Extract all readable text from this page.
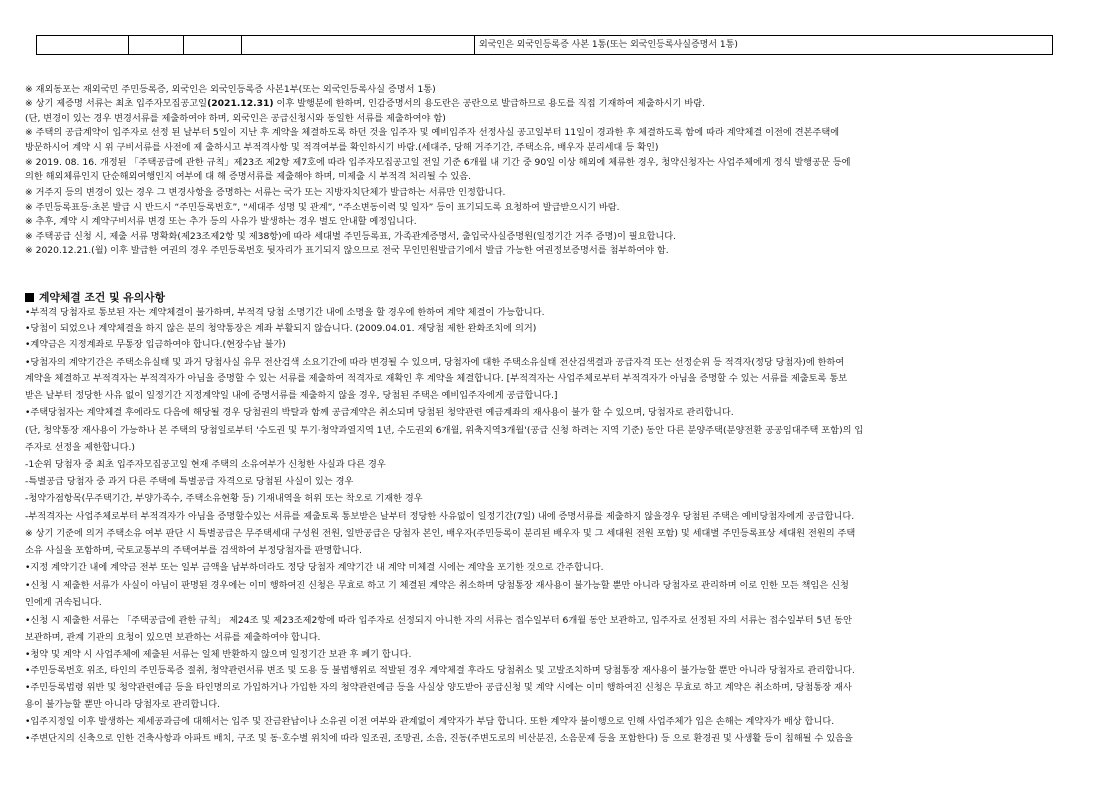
				외국인은 외국인등록증 사본 1통(또는 외국인등록사실증명서 1통)
※ 재외동포는 재외국민 주민등록증, 외국인은 외국인등록증 사본1부(또는 외국인등록사실 증명서 1통)
※ 상기 제증명 서류는 최초 입주자모집공고일(2021.12.31) 이후 발행분에 한하며, 인감증명서의 용도란은 공란으로 발급하므로 용도를 직접 기재하여 제출하시기 바람.
(단, 변경이 있는 경우 변경서류를 제출하여야 하며, 외국인은 공급신청시와 동일한 서류를 제출하여야 함)
※ 주택의 공급계약이 입주자로 선정 된 날부터 5일이 지난 후 계약을 체결하도록 하던 것을 입주자 및 예비입주자 선정사실 공고일부터 11일이 경과한 후 체결하도록 함에 따라 계약체결 이전에 견본주택에
방문하시어 계약 시 위 구비서류를 사전에 제 출하시고 부적격사항 및 적격여부를 확인하시기 바람.(세대주, 당해 거주기간, 주택소유, 배우자 분리세대 등 확인)
※ 2019. 08. 16. 개정된 「주택공급에 관한 규칙」제23조 제2항 제7호에 따라 입주자모집공고일 전일 기준 6개월 내 기간 중 90일 이상 해외에 체류한 경우, 청약신청자는 사업주체에게 정식 발행공문 등에
의한 해외체류인지 단순해외여행인지 여부에 대 해 증명서류를 제출해야 하며, 미제출 시 부적격 처리될 수 있음.
※ 거주지 등의 변경이 있는 경우 그 변경사항을 증명하는 서류는 국가 또는 지방자치단체가 발급하는 서류만 인정합니다.
※ 주민등록표등·초본 발급 시 반드시 “주민등록번호”, “세대주 성명 및 관계”, “주소변동이력 및 일자” 등이 표기되도록 요청하여 발급받으시기 바람.
※ 추후, 계약 시 계약구비서류 변경 또는 추가 등의 사유가 발생하는 경우 별도 안내할 예정입니다.
※ 주택공급 신청 시, 제출 서류 명확화(제23조제2항 및 제38항)에 따라 세대별 주민등록표, 가족관계증명서, 출입국사실증명원(일정기간 거주 증명)이 필요합니다.
※ 2020.12.21.(월) 이후 발급한 여권의 경우 주민등록번호 뒷자리가 표기되지 않으므로 전국 무인민원발급기에서 발급 가능한 여권정보증명서를 첨부하여야 함.
계약체결 조건 및 유의사항
•부적격 당첨자로 통보된 자는 계약체결이 불가하며, 부적격 당첨 소명기간 내에 소명을 할 경우에 한하여 계약 체결이 가능합니다.
•당첨이 되었으나 계약체결을 하지 않은 분의 청약통장은 계좌 부활되지 않습니다. (2009.04.01. 재당첨 제한 완화조치에 의거)
•계약금은 지정계좌로 무통장 입금하여야 합니다.(현장수납 불가)
•당첨자의 계약기간은 주택소유실태 및 과거 당첨사실 유무 전산검색 소요기간에 따라 변경될 수 있으며, 당첨자에 대한 주택소유실태 전산검색결과 공급자격 또는 선정순위 등 적격자(정당 당첨자)에 한하여
계약을 체결하고 부적격자는 부적격자가 아님을 증명할 수 있는 서류를 제출하여 적격자로 재확인 후 계약을 체결합니다. [부적격자는 사업주체로부터 부적격자가 아님을 증명할 수 있는 서류를 제출토록 통보
받은 날부터 정당한 사유 없이 일정기간 지정계약일 내에 증명서류를 제출하지 않을 경우, 당첨된 주택은 예비입주자에게 공급합니다.]
•주택당첨자는 계약체결 후에라도 다음에 해당될 경우 당첨권의 박탈과 함께 공급계약은 취소되며 당첨된 청약관련 예금계좌의 재사용이 불가 할 수 있으며, 당첨자로 관리합니다.
(단, 청약통장 재사용이 가능하나 본 주택의 당첨일로부터 '수도권 및 투기·청약과열지역 1년, 수도권외 6개월, 위축지역3개월'(공급 신청 하려는 지역 기준) 동안 다른 분양주택(분양전환 공공임대주택 포함)의 입
주자로 선정을 제한합니다.)
-1순위 당첨자 중 최초 입주자모집공고일 현재 주택의 소유여부가 신청한 사실과 다른 경우
-특별공급 당첨자 중 과거 다른 주택에 특별공급 자격으로 당첨된 사실이 있는 경우
-청약가점항목(무주택기간, 부양가족수, 주택소유현황 등) 기재내역을 허위 또는 착오로 기재한 경우
-부적격자는 사업주체로부터 부적격자가 아님을 증명할수있는 서류를 제출토록 통보받은 날부터 정당한 사유없이 일정기간(7일) 내에 증명서류를 제출하지 않을경우 당첨된 주택은 예비당첨자에게 공급합니다.
※ 상기 기준에 의거 주택소유 여부 판단 시 특별공급은 무주택세대 구성원 전원, 일반공급은 당첨자 본인, 배우자(주민등록이 분리된 배우자 및 그 세대원 전원 포함) 및 세대별 주민등록표상 세대원 전원의 주택
소유 사실을 포함하며, 국토교통부의 주택여부를 검색하여 부정당첨자를 판명합니다.
•지정 계약기간 내에 계약금 전부 또는 일부 금액을 납부하더라도 정당 당첨자 계약기간 내 계약 미체결 시에는 계약을 포기한 것으로 간주합니다.
•신청 시 제출한 서류가 사실이 아님이 판명된 경우에는 이미 행하여진 신청은 무효로 하고 기 체결된 계약은 취소하며 당첨통장 재사용이 불가능할 뿐만 아니라 당첨자로 관리하며 이로 인한 모든 책임은 신청
인에게 귀속됩니다.
•신청 시 제출한 서류는 「주택공급에 관한 규칙」 제24조 및 제23조제2항에 따라 입주자로 선정되지 아니한 자의 서류는 접수일부터 6개월 동안 보관하고, 입주자로 선정된 자의 서류는 접수일부터 5년 동안
보관하며, 관계 기관의 요청이 있으면 보관하는 서류를 제출하여야 합니다.
•청약 및 계약 시 사업주체에 제출된 서류는 일체 반환하지 않으며 일정기간 보관 후 폐기 합니다.
•주민등록번호 위조, 타인의 주민등록증 절취, 청약관련서류 변조 및 도용 등 불법행위로 적발된 경우 계약체결 후라도 당첨취소 및 고발조치하며 당첨통장 재사용이 불가능할 뿐만 아니라 당첨자로 관리합니다.
•주민등록법령 위반 및 청약관련예금 등을 타인명의로 가입하거나 가입한 자의 청약관련예금 등을 사실상 양도받아 공급신청 및 계약 시에는 이미 행하여진 신청은 무효로 하고 계약은 취소하며, 당첨통장 재사
용이 불가능할 뿐만 아니라 당첨자로 관리합니다.
•입주지정일 이후 발생하는 제세공과금에 대해서는 입주 및 잔금완납이나 소유권 이전 여부와 관계없이 계약자가 부담 합니다. 또한 계약자 불이행으로 인해 사업주체가 입은 손해는 계약자가 배상 합니다.
•주변단지의 신축으로 인한 건축사항과 아파트 배치, 구조 및 동·호수별 위치에 따라 일조권, 조망권, 소음, 진동(주변도로의 비산분진, 소음문제 등을 포함한다) 등 으로 환경권 및 사생활 등이 침해될 수 있음을
